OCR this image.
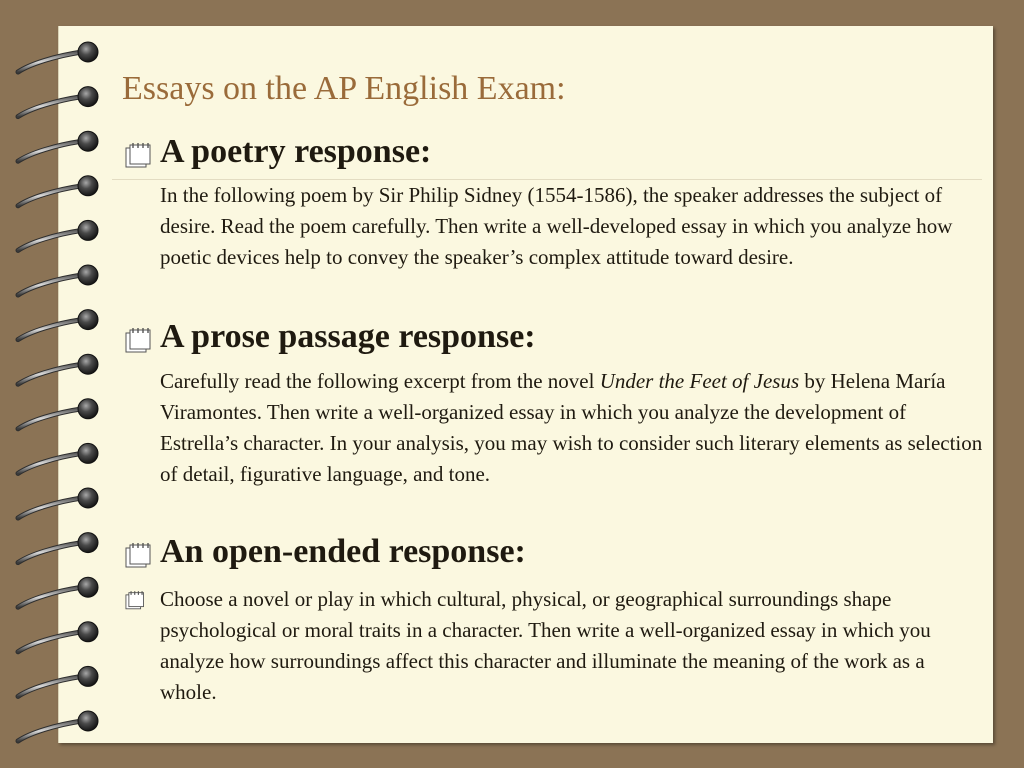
Essays on the AP English Exam:
A poetry response:

In the following poem by Sir Philip Sidney (1554-1586), the speaker addresses the subject of desire. Read the poem carefully. Then write a well-developed essay in which you analyze how poetic devices help to convey the speaker’s complex attitude toward desire.

A prose passage response:

Carefully read the following excerpt from the novel Under the Feet of Jesus by Helena María Viramontes. Then write a well-organized essay in which you analyze the development of Estrella’s character. In your analysis, you may wish to consider such literary elements as selection of detail, figurative language, and tone.

An open-ended response:

Choose a novel or play in which cultural, physical, or geographical surroundings shape psychological or moral traits in a character. Then write a well-organized essay in which you analyze how surroundings affect this character and illuminate the meaning of the work as a whole.
